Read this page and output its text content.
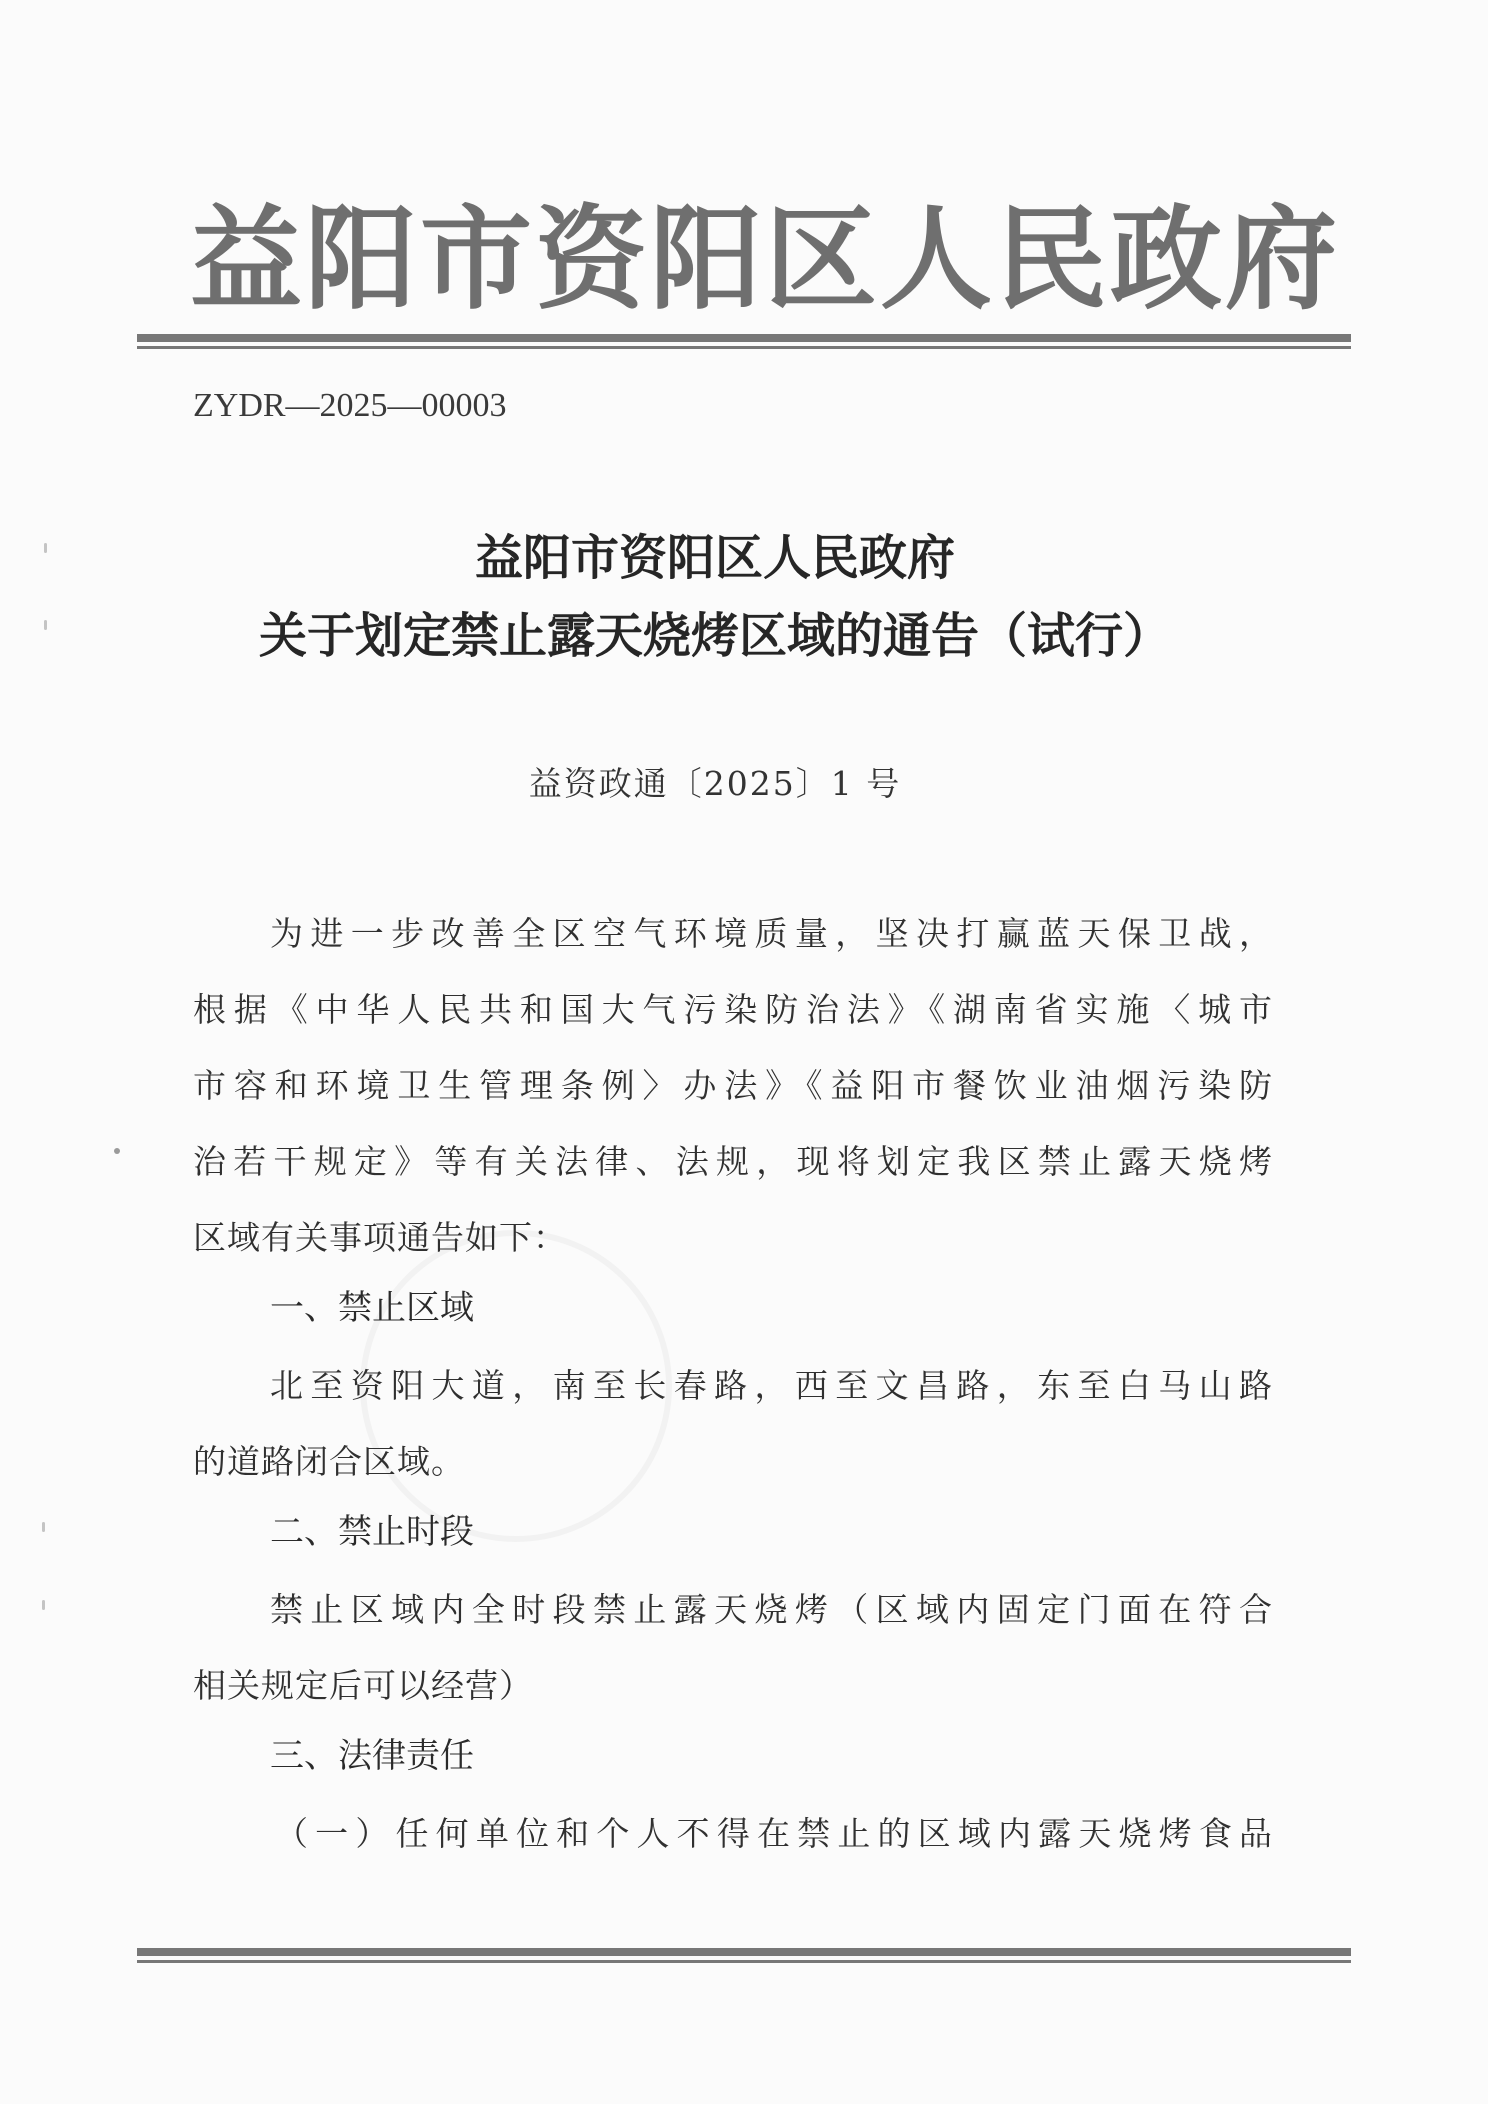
益阳市资阳区人民政府
ZYDR—2025—00003
益阳市资阳区人民政府
关于划定禁止露天烧烤区域的通告（试行）
益资政通〔2025〕1 号
为进一步改善全区空气环境质量，坚决打赢蓝天保卫战，
根据《中华人民共和国大气污染防治法》《湖南省实施〈城市
市容和环境卫生管理条例〉办法》《益阳市餐饮业油烟污染防
治若干规定》等有关法律、法规，现将划定我区禁止露天烧烤
区域有关事项通告如下：
一、禁止区域
北至资阳大道，南至长春路，西至文昌路，东至白马山路
的道路闭合区域。
二、禁止时段
禁止区域内全时段禁止露天烧烤（区域内固定门面在符合
相关规定后可以经营）
三、法律责任
（一）任何单位和个人不得在禁止的区域内露天烧烤食品
